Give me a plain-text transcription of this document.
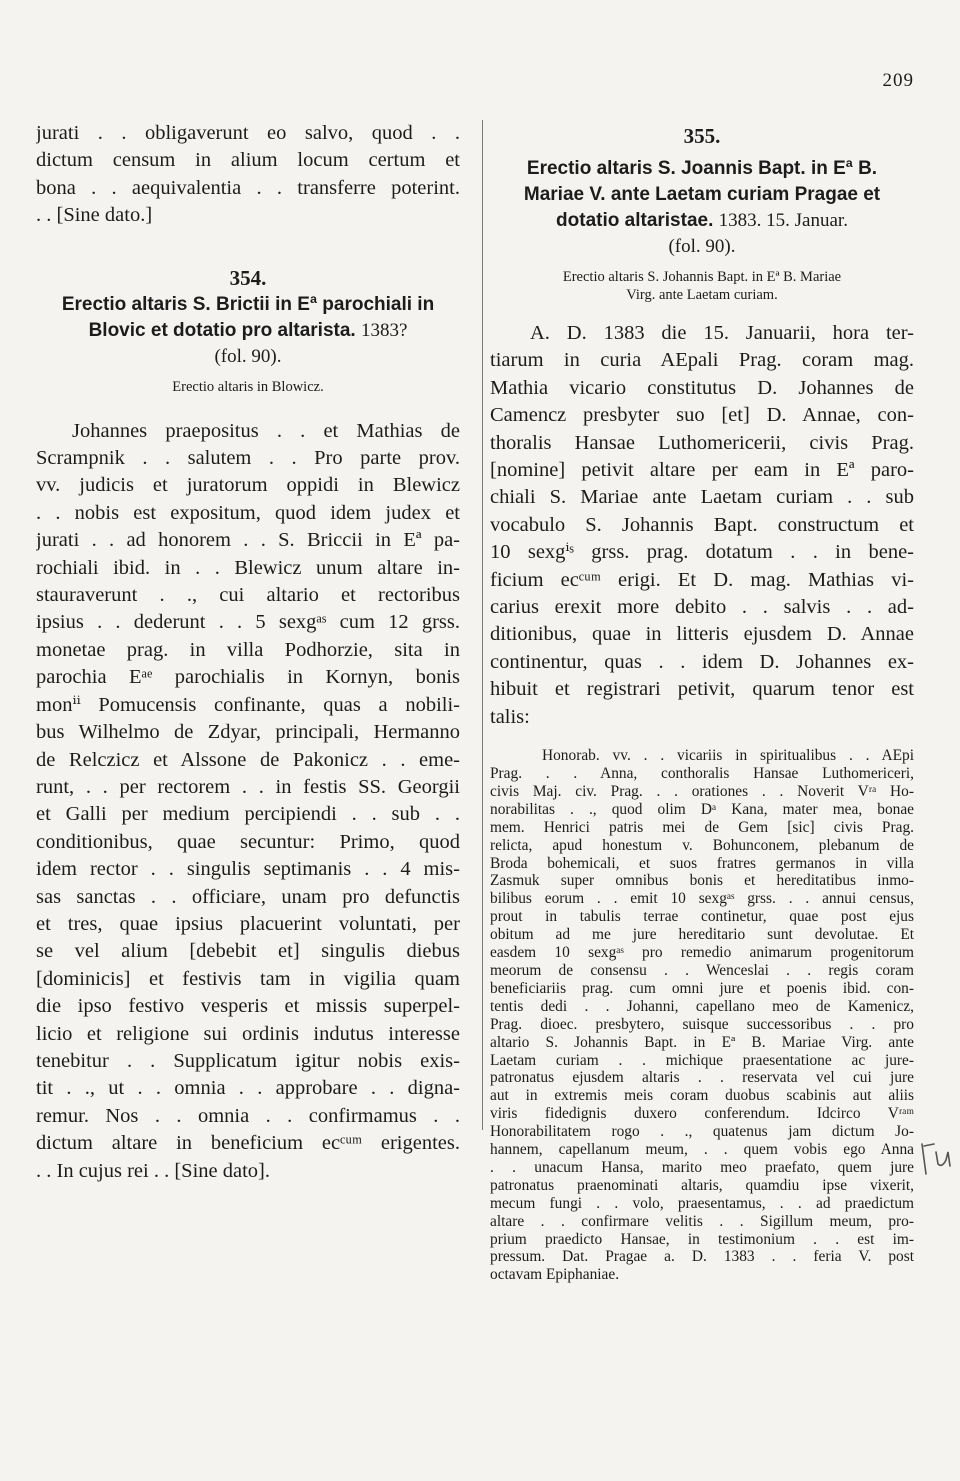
209
jurati . . obligaverunt eo salvo, quod . .
dictum censum in alium locum certum et
bona . . aequivalentia . . transferre poterint.
. . [Sine dato.]
354.
Erectio altaris S. Brictii in Eª parochiali in
Blovic et dotatio pro altarista. 1383?
(fol. 90).
Erectio altaris in Blowicz.
Johannes praepositus . . et Mathias de
Scrampnik . . salutem . . Pro parte prov.
vv. judicis et juratorum oppidi in Blewicz
. . nobis est expositum, quod idem judex et
jurati . . ad honorem . . S. Briccii in Eª pa-
rochiali ibid. in . . Blewicz unum altare in-
stauraverunt . ., cui altario et rectoribus
ipsius . . dederunt . . 5 sexgᵃˢ cum 12 grss.
monetae prag. in villa Podhorzie, sita in
parochia Eᵃᵉ parochialis in Kornyn, bonis
monⁱⁱ Pomucensis confinante, quas a nobili-
bus Wilhelmo de Zdyar, principali, Hermanno
de Relczicz et Alssone de Pakonicz . . eme-
runt, . . per rectorem . . in festis SS. Georgii
et Galli per medium percipiendi . . sub . .
conditionibus, quae secuntur: Primo, quod
idem rector . . singulis septimanis . . 4 mis-
sas sanctas . . officiare, unam pro defunctis
et tres, quae ipsius placuerint voluntati, per
se vel alium [debebit et] singulis diebus
[dominicis] et festivis tam in vigilia quam
die ipso festivo vesperis et missis superpel-
licio et religione sui ordinis indutus interesse
tenebitur . . Supplicatum igitur nobis exis-
tit . ., ut . . omnia . . approbare . . digna-
remur. Nos . . omnia . . confirmamus . .
dictum altare in beneficium ecᶜᵘᵐ erigentes.
. . In cujus rei . . [Sine dato].
355.
Erectio altaris S. Joannis Bapt. in Eª B.
Mariae V. ante Laetam curiam Pragae et
dotatio altaristae. 1383. 15. Januar.
(fol. 90).
Erectio altaris S. Johannis Bapt. in Eª B. Mariae
Virg. ante Laetam curiam.
A. D. 1383 die 15. Januarii, hora ter-
tiarum in curia AEpali Prag. coram mag.
Mathia vicario constitutus D. Johannes de
Camencz presbyter suo [et] D. Annae, con-
thoralis Hansae Luthomericerii, civis Prag.
[nomine] petivit altare per eam in Eª paro-
chiali S. Mariae ante Laetam curiam . . sub
vocabulo S. Johannis Bapt. constructum et
10 sexgⁱˢ grss. prag. dotatum . . in bene-
ficium ecᶜᵘᵐ erigi. Et D. mag. Mathias vi-
carius erexit more debito . . salvis . . ad-
ditionibus, quae in litteris ejusdem D. Annae
continentur, quas . . idem D. Johannes ex-
hibuit et registrari petivit, quarum tenor est
talis:
Honorab. vv. . . vicariis in spiritualibus . . AEpi
Prag. . . Anna, conthoralis Hansae Luthomericeri,
civis Maj. civ. Prag. . . orationes . . Noverit Vʳᵃ Ho-
norabilitas . ., quod olim Dᵃ Kana, mater mea, bonae
mem. Henrici patris mei de Gem [sic] civis Prag.
relicta, apud honestum v. Bohunconem, plebanum de
Broda bohemicali, et suos fratres germanos in villa
Zasmuk super omnibus bonis et hereditatibus inmo-
bilibus eorum . . emit 10 sexgᵃˢ grss. . . annui census,
prout in tabulis terrae continetur, quae post ejus
obitum ad me jure hereditario sunt devolutae. Et
easdem 10 sexgᵃˢ pro remedio animarum progenitorum
meorum de consensu . . Wenceslai . . regis coram
beneficiariis prag. cum omni jure et poenis ibid. con-
tentis dedi . . Johanni, capellano meo de Kamenicz,
Prag. dioec. presbytero, suisque successoribus . . pro
altario S. Johannis Bapt. in Eª B. Mariae Virg. ante
Laetam curiam . . michique praesentatione ac jure-
patronatus ejusdem altaris . . reservata vel cui jure
aut in extremis meis coram duobus scabinis aut aliis
viris fidedignis duxero conferendum. Idcirco Vʳᵃᵐ
Honorabilitatem rogo . ., quatenus jam dictum Jo-
hannem, capellanum meum, . . quem vobis ego Anna
. . unacum Hansa, marito meo praefato, quem jure
patronatus praenominati altaris, quamdiu ipse vixerit,
mecum fungi . . volo, praesentamus, . . ad praedictum
altare . . confirmare velitis . . Sigillum meum, pro-
prium praedicto Hansae, in testimonium . . est im-
pressum. Dat. Pragae a. D. 1383 . . feria V. post
octavam Epiphaniae.
